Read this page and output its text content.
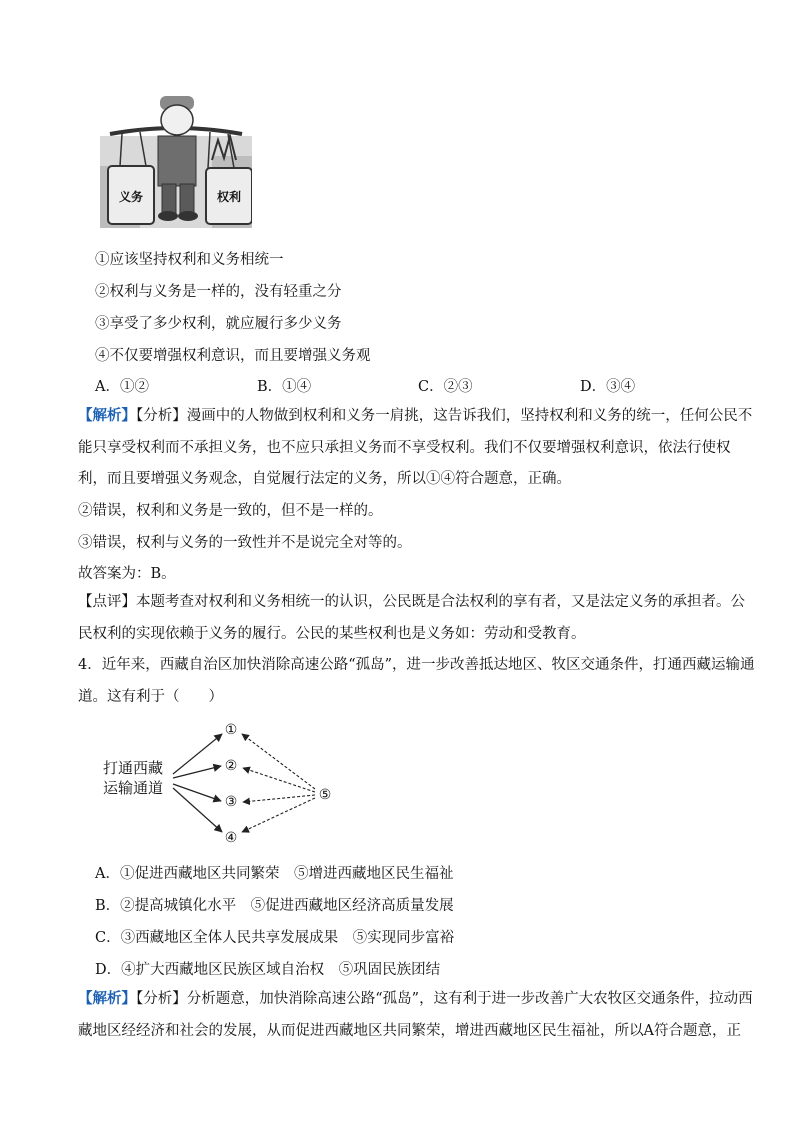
义务	权利
①应该坚持权利和义务相统一
②权利与义务是一样的，没有轻重之分
③享受了多少权利，就应履行多少义务
④不仅要增强权利意识，而且要增强义务观
A．①②	B．①④	C．②③	D．③④
【解析】【分析】漫画中的人物做到权利和义务一肩挑，这告诉我们，坚持权利和义务的统一，任何公民不能只享受权利而不承担义务，也不应只承担义务而不享受权利。我们不仅要增强权利意识，依法行使权利，而且要增强义务观念，自觉履行法定的义务，所以①④符合题意，正确。
②错误，权利和义务是一致的，但不是一样的。
③错误，权利与义务的一致性并不是说完全对等的。
故答案为：B。
【点评】本题考查对权利和义务相统一的认识，公民既是合法权利的享有者，又是法定义务的承担者。公民权利的实现依赖于义务的履行。公民的某些权利也是义务如：劳动和受教育。
4．近年来，西藏自治区加快消除高速公路“孤岛”，进一步改善抵达地区、牧区交通条件，打通西藏运输通道。这有利于（　　）
打通西藏
运输通道
①
②
③
④
⑤
A．①促进西藏地区共同繁荣　⑤增进西藏地区民生福祉
B．②提高城镇化水平　⑤促进西藏地区经济高质量发展
C．③西藏地区全体人民共享发展成果　⑤实现同步富裕
D．④扩大西藏地区民族区域自治权　⑤巩固民族团结
【解析】【分析】分析题意，加快消除高速公路“孤岛”，这有利于进一步改善广大农牧区交通条件，拉动西藏地区经经济和社会的发展，从而促进西藏地区共同繁荣，增进西藏地区民生福祉，所以A符合题意，正
